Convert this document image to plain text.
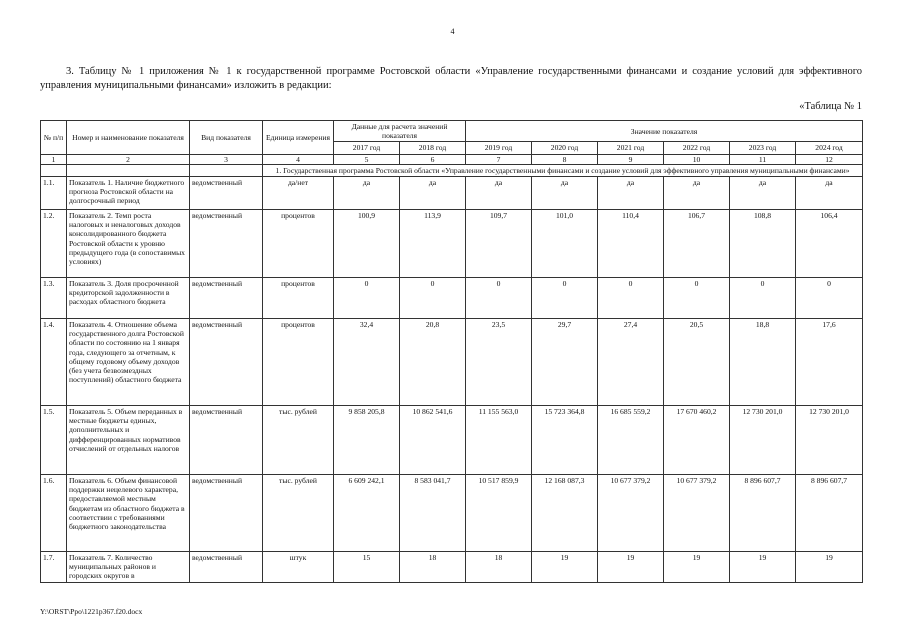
4
3. Таблицу № 1 приложения № 1 к государственной программе Ростовской области «Управление государственными финансами и создание условий для эффективного управления муниципальными финансами» изложить в редакции:
«Таблица № 1
№ п/п	Номер и наименование показателя	Вид показателя	Единица измерения	Данные для расчета значений показателя		Значение показателя					
				2017 год	2018 год	2019 год	2020 год	2021 год	2022 год	2023 год	2024 год
1	2	3	4	5	6	7	8	9	10	11	12
			1. Государственная программа Ростовской области «Управление государственными финансами и создание условий для эффективного управления муниципальными финансами»								
1.1.	Показатель 1. Наличие бюджетного прогноза Ростовской области на долгосрочный период	ведомственный	да/нет	да	да	да	да	да	да	да	да
1.2.	Показатель 2. Темп роста налоговых и неналоговых доходов консолидированного бюджета Ростовской области к уровню предыдущего года (в сопоставимых условиях)	ведомственный	процентов	100,9	113,9	109,7	101,0	110,4	106,7	108,8	106,4
1.3.	Показатель 3. Доля просроченной кредиторской задолженности в расходах областного бюджета	ведомственный	процентов	0	0	0	0	0	0	0	0
1.4.	Показатель 4. Отношение объема государственного долга Ростовской области по состоянию на 1 января года, следующего за отчетным, к общему годовому объему доходов (без учета безвозмездных поступлений) областного бюджета	ведомственный	процентов	32,4	20,8	23,5	29,7	27,4	20,5	18,8	17,6
1.5.	Показатель 5. Объем переданных в местные бюджеты единых, дополнительных и дифференцированных нормативов отчислений от отдельных налогов	ведомственный	тыс. рублей	9 858 205,8	10 862 541,6	11 155 563,0	15 723 364,8	16 685 559,2	17 670 460,2	12 730 201,0	12 730 201,0
1.6.	Показатель 6. Объем финансовой поддержки нецелевого характера, предоставляемой местным бюджетам из областного бюджета в соответствии с требованиями бюджетного законодательства	ведомственный	тыс. рублей	6 609 242,1	8 583 041,7	10 517 859,9	12 168 087,3	10 677 379,2	10 677 379,2	8 896 607,7	8 896 607,7
1.7.	Показатель 7. Количество муниципальных районов и городских округов в	ведомственный	штук	15	18	18	19	19	19	19	19
Y:\ORST\Ppo\1221p367.f20.docx
